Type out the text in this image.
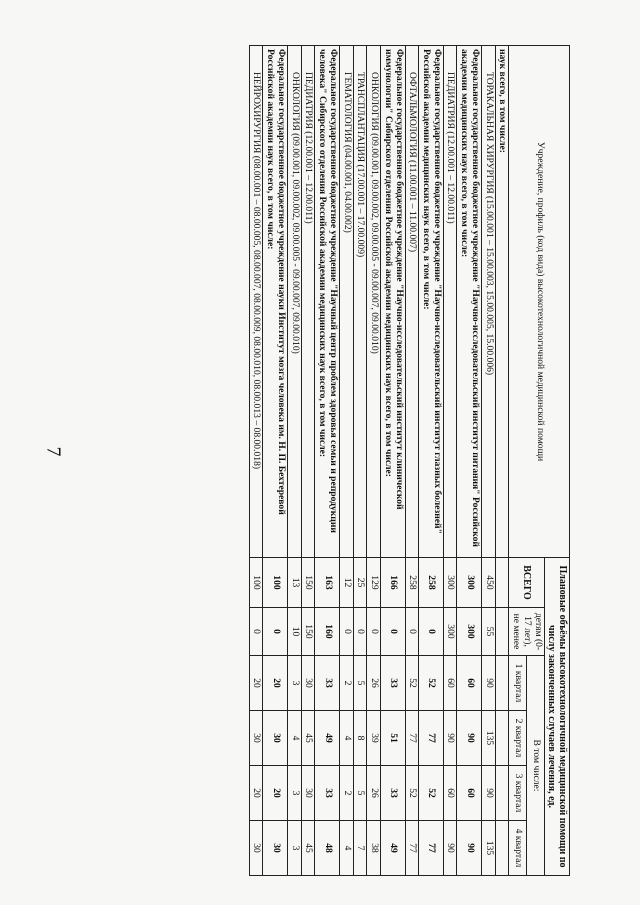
7	Учреждение, профиль (код вида) высокотехнологичной медицинской помощи	Плановые объёмы высокотехнологичной медицинской помощи по числу законченных случаев лечения, ед.					
	ВСЕГО	детям (0-17 лет), не менее	В том числе:			
			1 квартал	2 квартал	3 квартал	4 квартал
наук всего, в том числе:						
ТОРАКАЛЬНАЯ ХИРУРГИЯ (15.00.001 – 15.00.003, 15.00.005, 15.00.006)	450	55	90	135	90	135
Федеральное государственное бюджетное учреждение "Научно-исследовательский институт питания" Российской академии медицинских наук всего, в том числе:	300	300	60	90	60	90
ПЕДИАТРИЯ (12.00.001 – 12.00.011)	300	300	60	90	60	90
Федеральное государственное бюджетное учреждение "Научно-исследовательский институт глазных болезней" Российской академии медицинских наук всего, в том числе:	258	0	52	77	52	77
ОФТАЛЬМОЛОГИЯ (11.00.001 – 11.00.007)	258	0	52	77	52	77
Федеральное государственное бюджетное учреждение "Научно-исследовательский институт клинической иммунологии" Сибирского отделения Российской академии медицинских наук всего, в том числе:	166	0	33	51	33	49
ОНКОЛОГИЯ (09.00.001, 09.00.002, 09.00.005 - 09.00.007, 09.00.010)	129	0	26	39	26	38
ТРАНСПЛАНТАЦИЯ (17.00.001 – 17.00.009)	25	0	5	8	5	7
ГЕМАТОЛОГИЯ (04.00.001, 04.00.002)	12	0	2	4	2	4
Федеральное государственное бюджетное учреждение "Научный центр проблем здоровья семьи и репродукции человека" Сибирского отделения Российской академии медицинских наук всего, в том числе:	163	160	33	49	33	48
ПЕДИАТРИЯ (12.00.001 – 12.00.011)	150	150	30	45	30	45
ОНКОЛОГИЯ (09.00.001, 09.00.002, 09.00.005 - 09.00.007, 09.00.010)	13	10	3	4	3	3
Федеральное государственное бюджетное учреждение науки Институт мозга человека им. Н. П. Бехтеревой Российской академии наук всего, в том числе:	100	0	20	30	20	30
НЕЙРОХИРУРГИЯ (08.00.001 – 08.00.005, 08.00.007, 08.00.009, 08.00.010, 08.00.013 – 08.00.018)	100	0	20	30	20	30
